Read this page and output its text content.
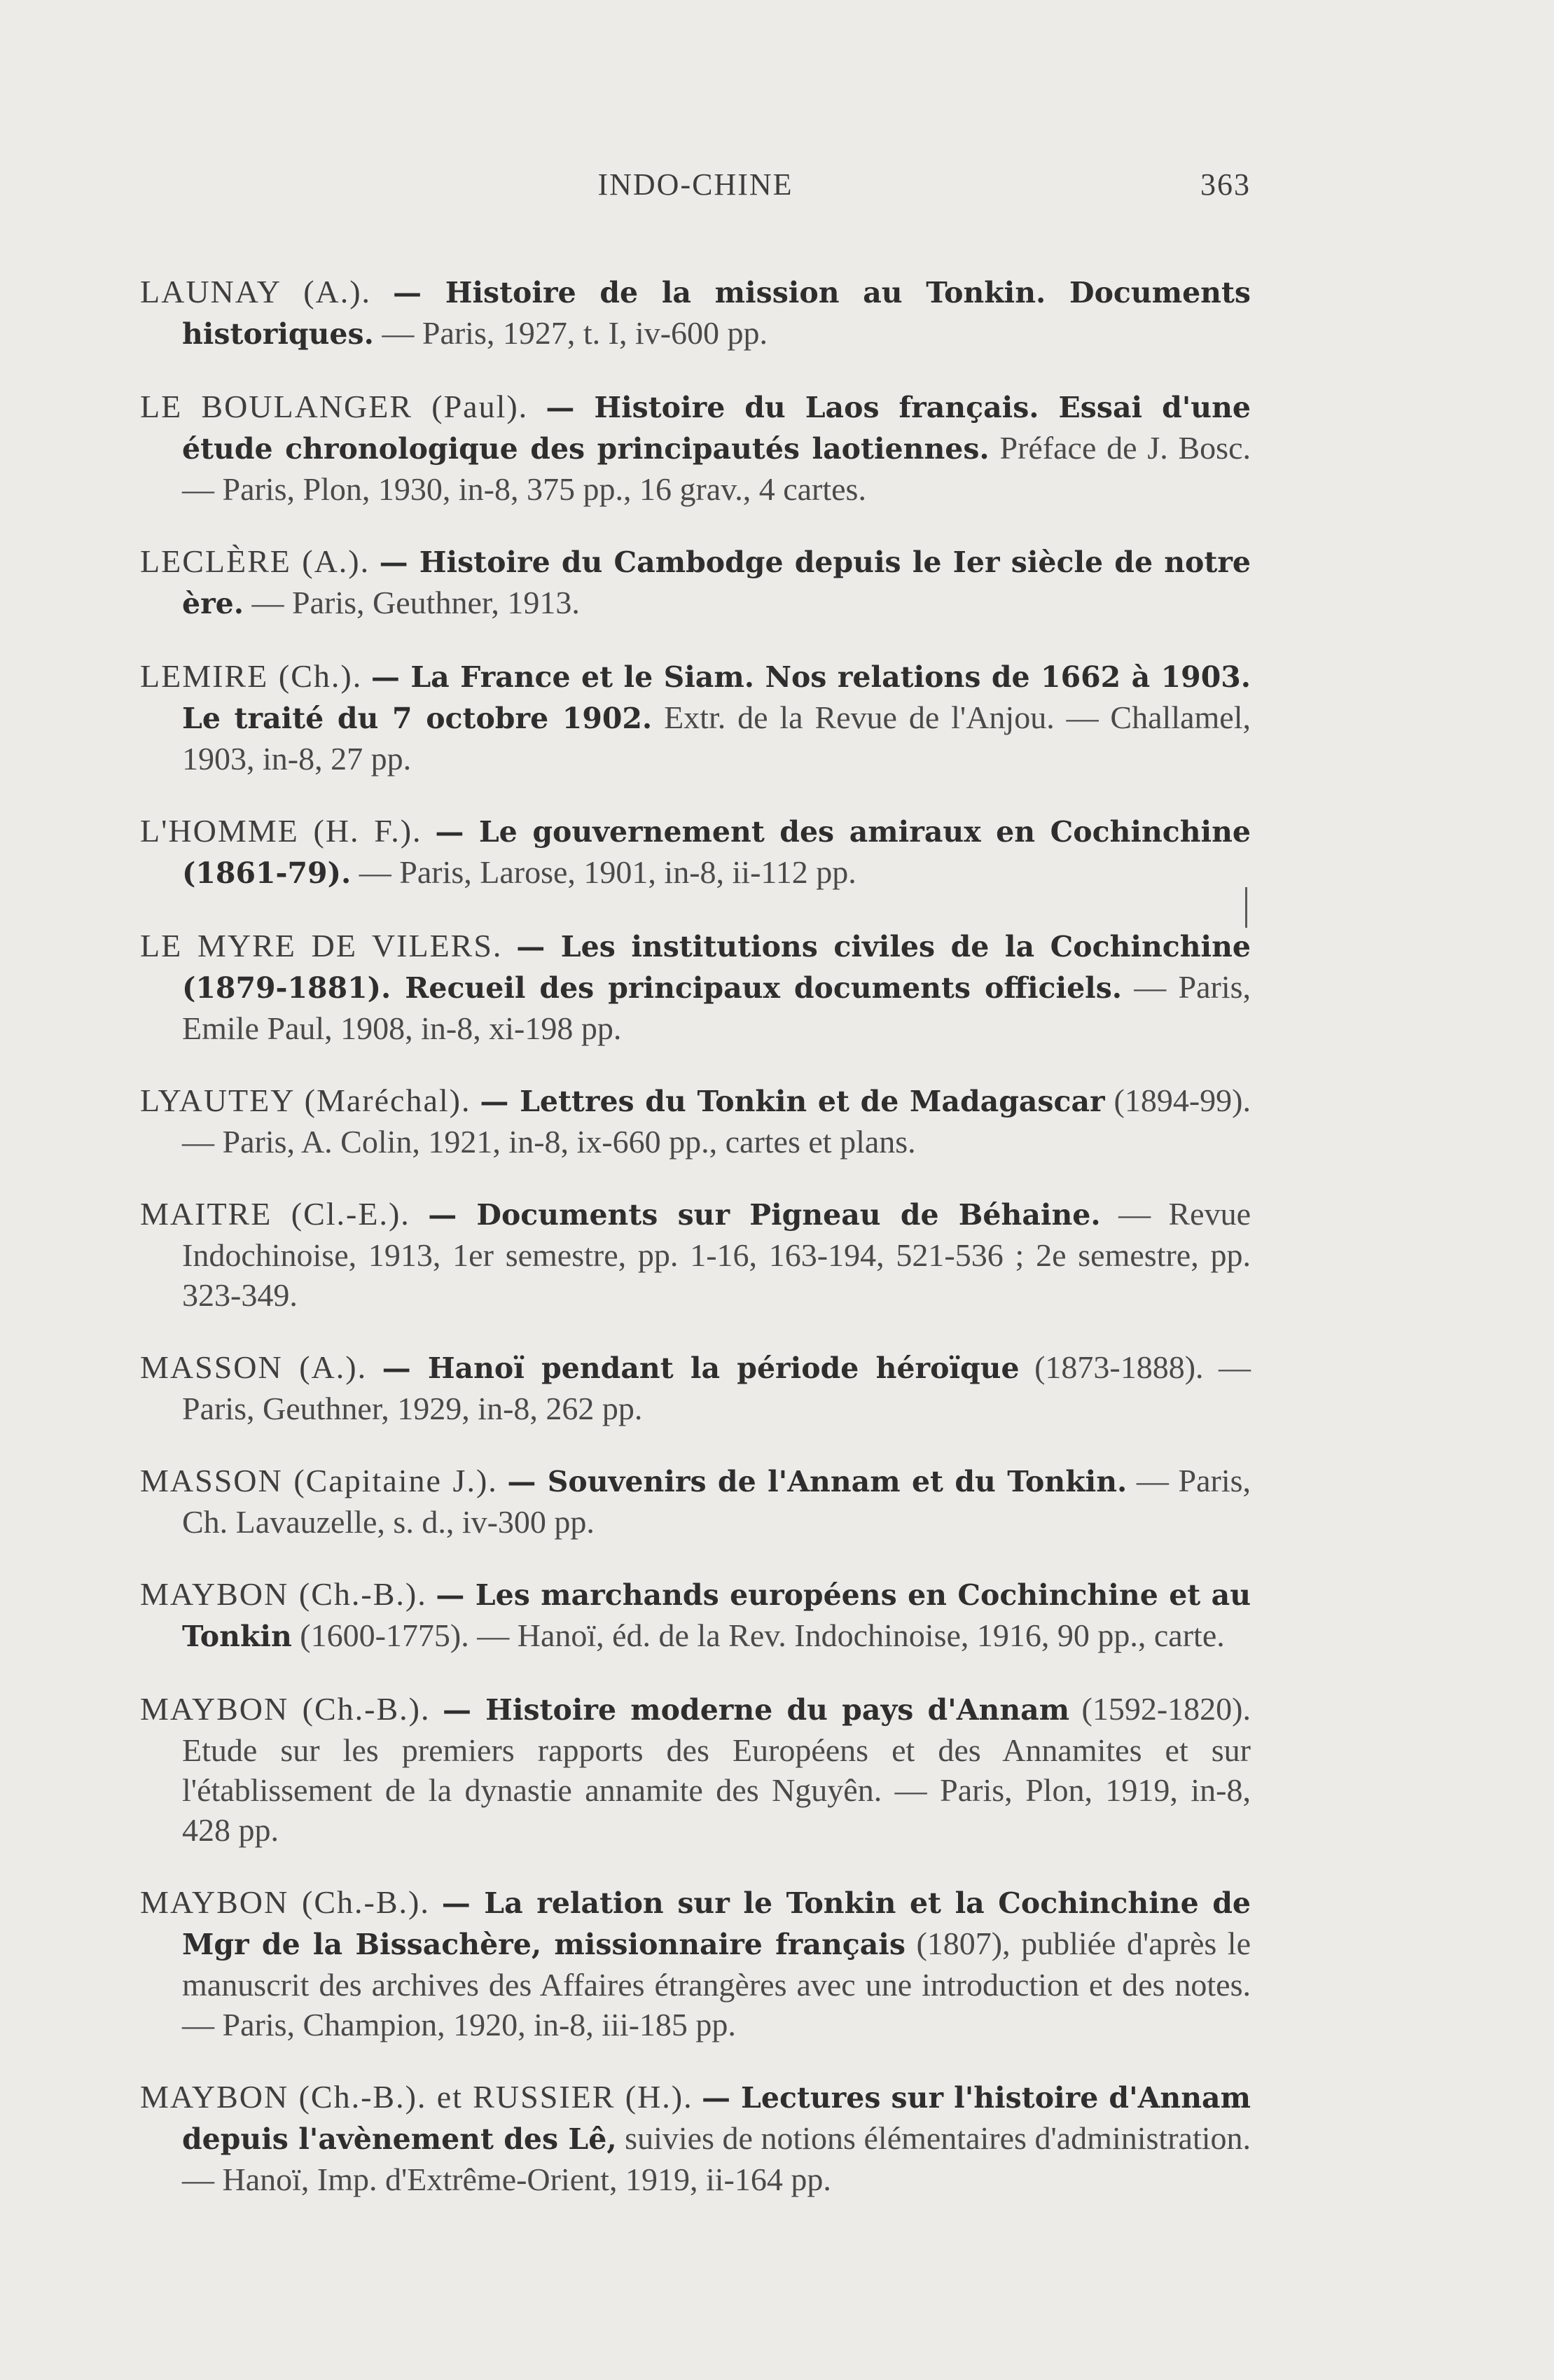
INDO-CHINE	363

LAUNAY (A.). — Histoire de la mission au Tonkin. Documents historiques. — Paris, 1927, t. I, iv-600 pp.

LE BOULANGER (Paul). — Histoire du Laos français. Essai d'une étude chronologique des principautés laotiennes. Préface de J. Bosc. — Paris, Plon, 1930, in-8, 375 pp., 16 grav., 4 cartes.

LECLÈRE (A.). — Histoire du Cambodge depuis le Ier siècle de notre ère. — Paris, Geuthner, 1913.

LEMIRE (Ch.). — La France et le Siam. Nos relations de 1662 à 1903. Le traité du 7 octobre 1902. Extr. de la Revue de l'Anjou. — Challamel, 1903, in-8, 27 pp.

L'HOMME (H. F.). — Le gouvernement des amiraux en Cochinchine (1861-79). — Paris, Larose, 1901, in-8, ii-112 pp.

LE MYRE DE VILERS. — Les institutions civiles de la Cochinchine (1879-1881). Recueil des principaux documents officiels. — Paris, Emile Paul, 1908, in-8, xi-198 pp.

LYAUTEY (Maréchal). — Lettres du Tonkin et de Madagascar (1894-99). — Paris, A. Colin, 1921, in-8, ix-660 pp., cartes et plans.

MAITRE (Cl.-E.). — Documents sur Pigneau de Béhaine. — Revue Indochinoise, 1913, 1er semestre, pp. 1-16, 163-194, 521-536 ; 2e semestre, pp. 323-349.

MASSON (A.). — Hanoï pendant la période héroïque (1873-1888). — Paris, Geuthner, 1929, in-8, 262 pp.

MASSON (Capitaine J.). — Souvenirs de l'Annam et du Tonkin. — Paris, Ch. Lavauzelle, s. d., iv-300 pp.

MAYBON (Ch.-B.). — Les marchands européens en Cochinchine et au Tonkin (1600-1775). — Hanoï, éd. de la Rev. Indochinoise, 1916, 90 pp., carte.

MAYBON (Ch.-B.). — Histoire moderne du pays d'Annam (1592-1820). Etude sur les premiers rapports des Européens et des Annamites et sur l'établissement de la dynastie annamite des Nguyên. — Paris, Plon, 1919, in-8, 428 pp.

MAYBON (Ch.-B.). — La relation sur le Tonkin et la Cochinchine de Mgr de la Bissachère, missionnaire français (1807), publiée d'après le manuscrit des archives des Affaires étrangères avec une introduction et des notes. — Paris, Champion, 1920, in-8, iii-185 pp.

MAYBON (Ch.-B.). et RUSSIER (H.). — Lectures sur l'histoire d'Annam depuis l'avènement des Lê, suivies de notions élémentaires d'administration. — Hanoï, Imp. d'Extrême-Orient, 1919, ii-164 pp.
